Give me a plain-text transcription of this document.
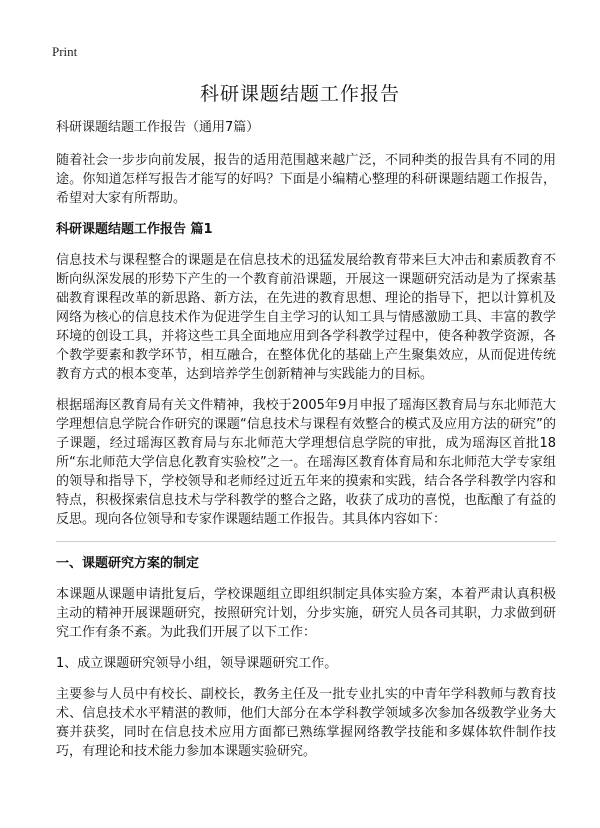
Print
科研课题结题工作报告
科研课题结题工作报告（通用7篇）

随着社会一步步向前发展，报告的适用范围越来越广泛，不同种类的报告具有不同的用途。你知道怎样写报告才能写的好吗？下面是小编精心整理的科研课题结题工作报告，希望对大家有所帮助。

科研课题结题工作报告 篇1

信息技术与课程整合的课题是在信息技术的迅猛发展给教育带来巨大冲击和素质教育不断向纵深发展的形势下产生的一个教育前沿课题，开展这一课题研究活动是为了探索基础教育课程改革的新思路、新方法，在先进的教育思想、理论的指导下，把以计算机及网络为核心的信息技术作为促进学生自主学习的认知工具与情感激励工具、丰富的教学环境的创设工具，并将这些工具全面地应用到各学科教学过程中，使各种教学资源，各个教学要素和教学环节，相互融合，在整体优化的基础上产生聚集效应，从而促进传统教育方式的根本变革，达到培养学生创新精神与实践能力的目标。

根据瑶海区教育局有关文件精神，我校于2005年9月申报了瑶海区教育局与东北师范大学理想信息学院合作研究的课题“信息技术与课程有效整合的模式及应用方法的研究”的子课题，经过瑶海区教育局与东北师范大学理想信息学院的审批，成为瑶海区首批18所“东北师范大学信息化教育实验校”之一。在瑶海区教育体育局和东北师范大学专家组的领导和指导下，学校领导和老师经过近五年来的摸索和实践，结合各学科教学内容和特点，积极探索信息技术与学科教学的整合之路，收获了成功的喜悦，也酝酿了有益的反思。现向各位领导和专家作课题结题工作报告。其具体内容如下：

一、课题研究方案的制定

本课题从课题申请批复后，学校课题组立即组织制定具体实验方案，本着严肃认真积极主动的精神开展课题研究，按照研究计划，分步实施，研究人员各司其职，力求做到研究工作有条不紊。为此我们开展了以下工作：

1、成立课题研究领导小组，领导课题研究工作。

主要参与人员中有校长、副校长，教务主任及一批专业扎实的中青年学科教师与教育技术、信息技术水平精湛的教师，他们大部分在本学科教学领域多次参加各级教学业务大赛并获奖，同时在信息技术应用方面都已熟练掌握网络教学技能和多媒体软件制作技巧，有理论和技术能力参加本课题实验研究。
